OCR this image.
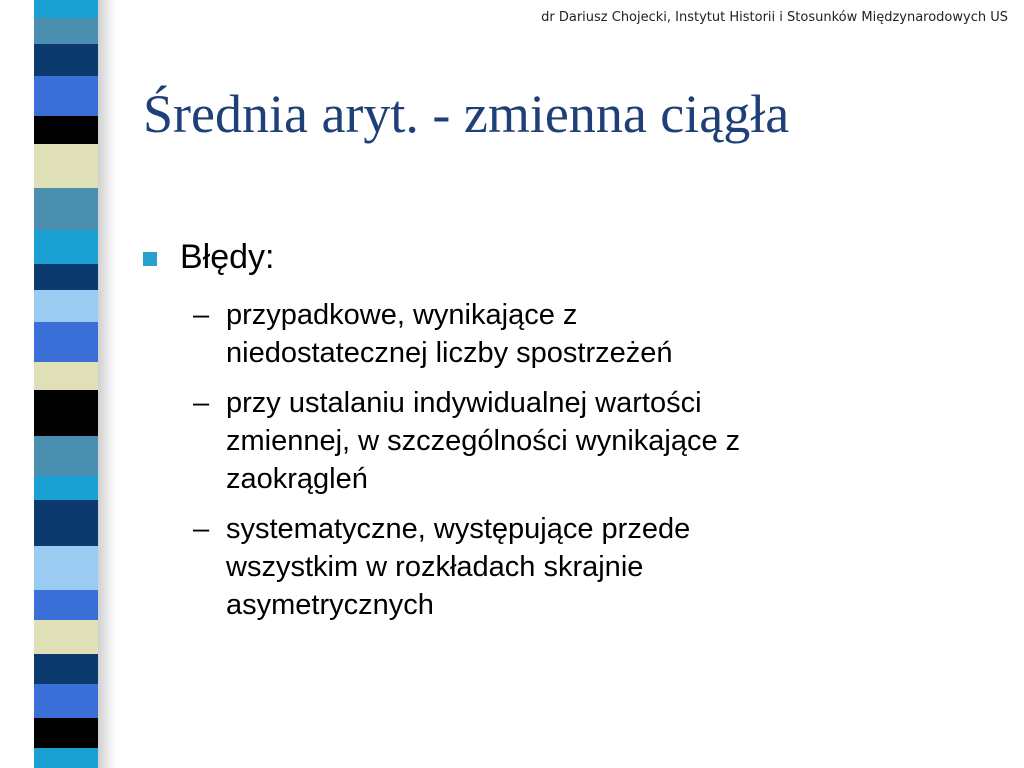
dr Dariusz Chojecki, Instytut Historii i Stosunków Międzynarodowych US
Średnia aryt. - zmienna ciągła
Błędy:
– przypadkowe, wynikające z
niedostatecznej liczby spostrzeżeń
– przy ustalaniu indywidualnej wartości
zmiennej, w szczególności wynikające z
zaokrągleń
– systematyczne, występujące przede
wszystkim w rozkładach skrajnie
asymetrycznych
